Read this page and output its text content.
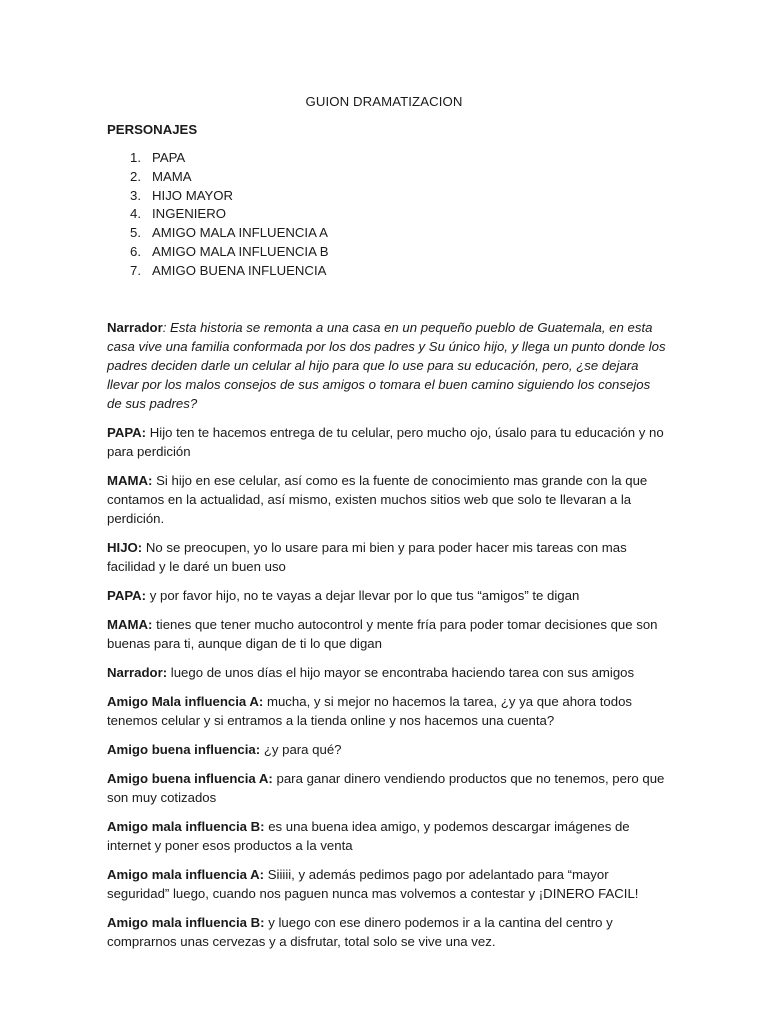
GUION DRAMATIZACION
PERSONAJES
1. PAPA
2. MAMA
3. HIJO MAYOR
4. INGENIERO
5. AMIGO MALA INFLUENCIA A
6. AMIGO MALA INFLUENCIA B
7. AMIGO BUENA INFLUENCIA

Narrador: Esta historia se remonta a una casa en un pequeño pueblo de Guatemala, en esta casa vive una familia conformada por los dos padres y Su único hijo, y llega un punto donde los padres deciden darle un celular al hijo para que lo use para su educación, pero, ¿se dejara llevar por los malos consejos de sus amigos o tomara el buen camino siguiendo los consejos de sus padres?

PAPA: Hijo ten te hacemos entrega de tu celular, pero mucho ojo, úsalo para tu educación y no para perdición

MAMA: Si hijo en ese celular, así como es la fuente de conocimiento mas grande con la que contamos en la actualidad, así mismo, existen muchos sitios web que solo te llevaran a la perdición.

HIJO: No se preocupen, yo lo usare para mi bien y para poder hacer mis tareas con mas facilidad y le daré un buen uso

PAPA: y por favor hijo, no te vayas a dejar llevar por lo que tus “amigos” te digan

MAMA: tienes que tener mucho autocontrol y mente fría para poder tomar decisiones que son buenas para ti, aunque digan de ti lo que digan

Narrador: luego de unos días el hijo mayor se encontraba haciendo tarea con sus amigos

Amigo Mala influencia A: mucha, y si mejor no hacemos la tarea, ¿y ya que ahora todos tenemos celular y si entramos a la tienda online y nos hacemos una cuenta?

Amigo buena influencia: ¿y para qué?

Amigo buena influencia A: para ganar dinero vendiendo productos que no tenemos, pero que son muy cotizados

Amigo mala influencia B: es una buena idea amigo, y podemos descargar imágenes de internet y poner esos productos a la venta

Amigo mala influencia A: Siiiii, y además pedimos pago por adelantado para “mayor seguridad” luego, cuando nos paguen nunca mas volvemos a contestar y ¡DINERO FACIL!

Amigo mala influencia B: y luego con ese dinero podemos ir a la cantina del centro y comprarnos unas cervezas y a disfrutar, total solo se vive una vez.
